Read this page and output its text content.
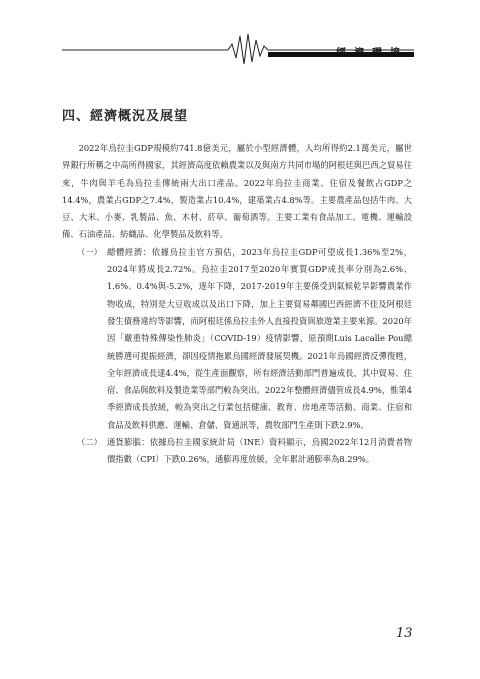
經濟環境
四、經濟概況及展望

2022年烏拉圭GDP規模約741.8億美元，屬於小型經濟體，人均所得約2.1萬美元，屬世界銀行所稱之中高所得國家，其經濟高度依賴農業以及與南方共同市場的阿根廷與巴西之貿易往來，牛肉與羊毛為烏拉圭傳統兩大出口產品。2022年烏拉圭商業、住宿及餐飲占GDP之14.4%，農業占GDP之7.4%，製造業占10.4%，建築業占4.8%等。主要農產品包括牛肉、大豆、大米、小麥、乳製品、魚、木材、菸草、葡萄酒等。主要工業有食品加工、電機、運輸設備、石油產品、紡織品、化學製品及飲料等。

（一） 總體經濟：依據烏拉圭官方預估，2023年烏拉圭GDP可望成長1.36%至2%，2024年將成長2.72%。烏拉圭2017至2020年實質GDP成長率分別為2.6%、1.6%、0.4%與-5.2%，逐年下降，2017-2019年主要係受到氣候乾旱影響農業作物收成，特別是大豆收成以及出口下降，加上主要貿易鄰國巴西經濟不佳及阿根廷發生債務違約等影響，而阿根廷係烏拉圭外人直接投資與旅遊業主要來源。2020年因「嚴重特殊傳染性肺炎」（COVID-19）疫情影響，原預期Luis Lacalle Pou總統勝選可提振經濟，卻因疫情拖累烏國經濟發展契機。2021年烏國經濟反彈復甦，全年經濟成長達4.4%，從生產面觀察，所有經濟活動部門普遍成長，其中貿易、住宿、食品與飲料及製造業等部門較為突出。2022年整體經濟儘管成長4.9%，惟第4季經濟成長放緩，較為突出之行業包括健康、教育、房地產等活動、商業、住宿和食品及飲料供應、運輸、倉儲、資通訊等，農牧部門生產則下跌2.9%。
（二） 通貨膨脹：依據烏拉圭國家統計局（INE）資料顯示，烏國2022年12月消費者物價指數（CPI）下跌0.26%，通膨再度放緩，全年累計通膨率為8.29%。
13
